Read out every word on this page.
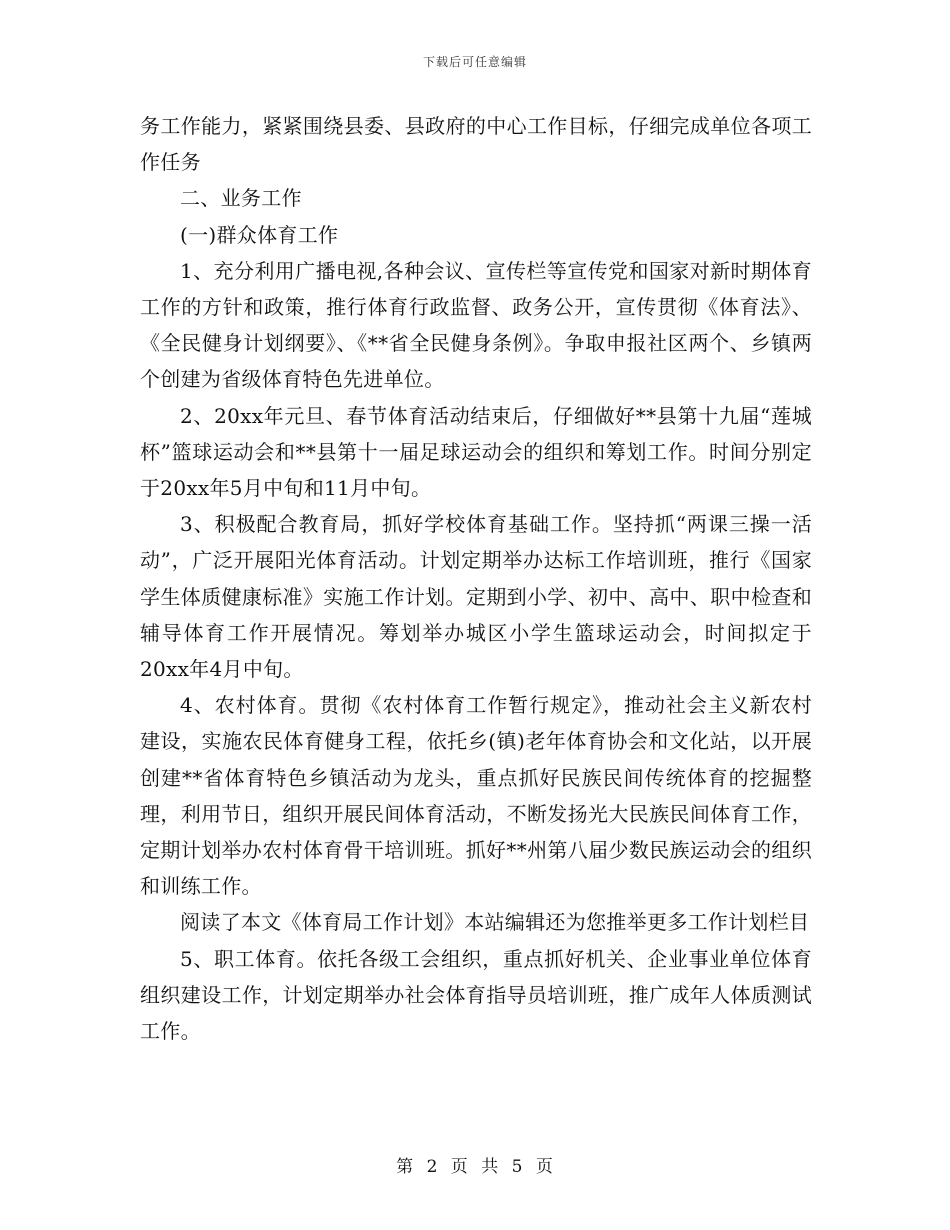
下载后可任意编辑

务工作能力，紧紧围绕县委、县政府的中心工作目标，仔细完成单位各项工作任务

二、业务工作

(一)群众体育工作

1、充分利用广播电视,各种会议、宣传栏等宣传党和国家对新时期体育工作的方针和政策，推行体育行政监督、政务公开，宣传贯彻《体育法》、《全民健身计划纲要》、《**省全民健身条例》。争取申报社区两个、乡镇两个创建为省级体育特色先进单位。

2、20xx年元旦、春节体育活动结束后，仔细做好**县第十九届“莲城杯”篮球运动会和**县第十一届足球运动会的组织和筹划工作。时间分别定于20xx年5月中旬和11月中旬。

3、积极配合教育局，抓好学校体育基础工作。坚持抓“两课三操一活动”，广泛开展阳光体育活动。计划定期举办达标工作培训班，推行《国家学生体质健康标准》实施工作计划。定期到小学、初中、高中、职中检查和辅导体育工作开展情况。筹划举办城区小学生篮球运动会，时间拟定于20xx年4月中旬。

4、农村体育。贯彻《农村体育工作暂行规定》，推动社会主义新农村建设，实施农民体育健身工程，依托乡(镇)老年体育协会和文化站，以开展创建**省体育特色乡镇活动为龙头，重点抓好民族民间传统体育的挖掘整理，利用节日，组织开展民间体育活动，不断发扬光大民族民间体育工作，定期计划举办农村体育骨干培训班。抓好**州第八届少数民族运动会的组织和训练工作。

阅读了本文《体育局工作计划》本站编辑还为您推举更多工作计划栏目

5、职工体育。依托各级工会组织，重点抓好机关、企业事业单位体育组织建设工作，计划定期举办社会体育指导员培训班，推广成年人体质测试工作。

第 2 页 共 5 页
